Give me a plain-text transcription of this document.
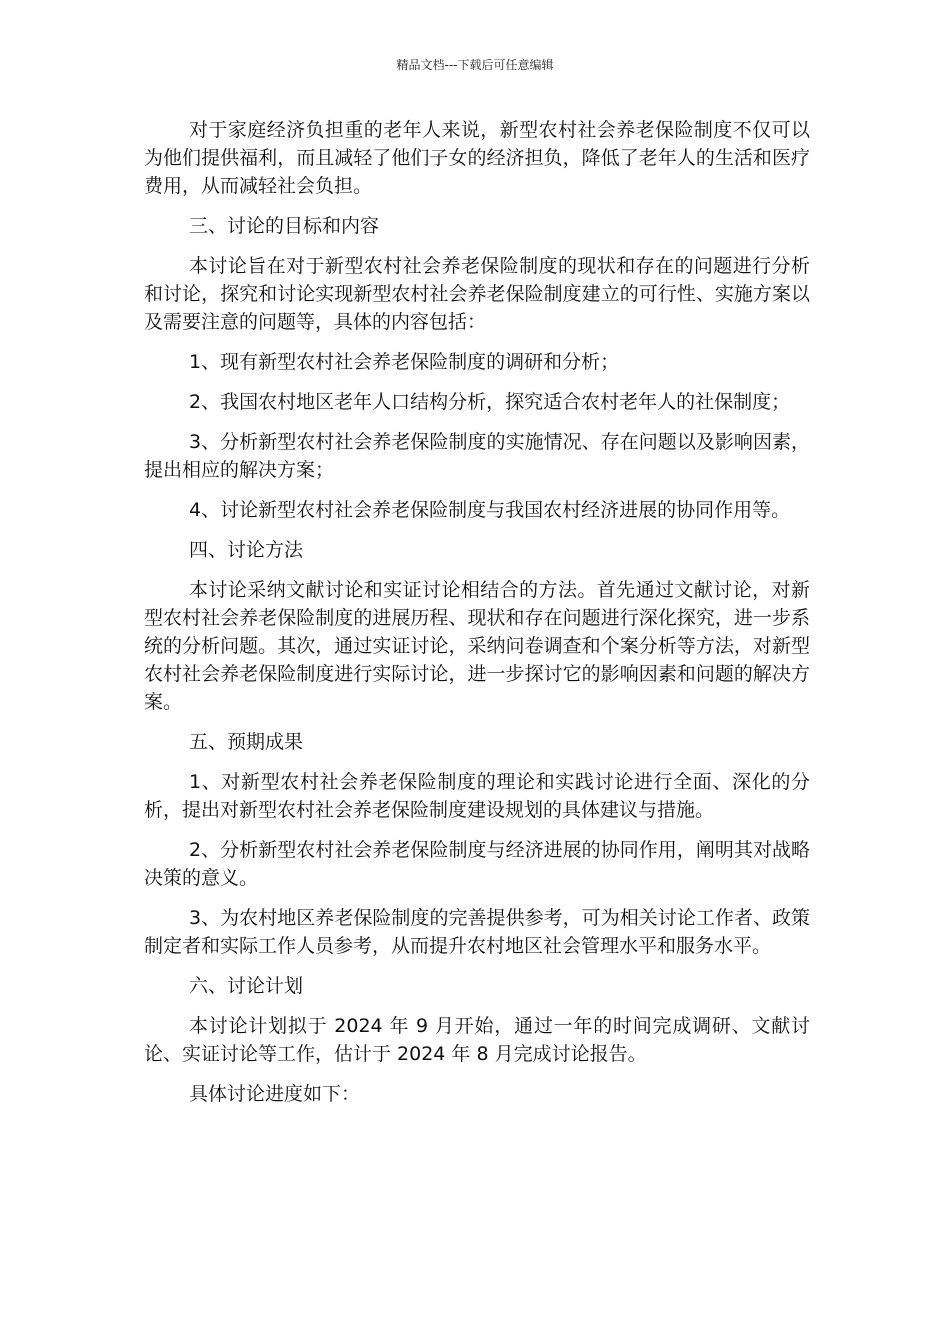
精品文档---下载后可任意编辑

对于家庭经济负担重的老年人来说，新型农村社会养老保险制度不仅可以为他们提供福利，而且减轻了他们子女的经济担负，降低了老年人的生活和医疗费用，从而减轻社会负担。

三、讨论的目标和内容

本讨论旨在对于新型农村社会养老保险制度的现状和存在的问题进行分析和讨论，探究和讨论实现新型农村社会养老保险制度建立的可行性、实施方案以及需要注意的问题等，具体的内容包括：

1、现有新型农村社会养老保险制度的调研和分析；

2、我国农村地区老年人口结构分析，探究适合农村老年人的社保制度；

3、分析新型农村社会养老保险制度的实施情况、存在问题以及影响因素，提出相应的解决方案；

4、讨论新型农村社会养老保险制度与我国农村经济进展的协同作用等。

四、讨论方法

本讨论采纳文献讨论和实证讨论相结合的方法。首先通过文献讨论，对新型农村社会养老保险制度的进展历程、现状和存在问题进行深化探究，进一步系统的分析问题。其次，通过实证讨论，采纳问卷调查和个案分析等方法，对新型农村社会养老保险制度进行实际讨论，进一步探讨它的影响因素和问题的解决方案。

五、预期成果

1、对新型农村社会养老保险制度的理论和实践讨论进行全面、深化的分析，提出对新型农村社会养老保险制度建设规划的具体建议与措施。

2、分析新型农村社会养老保险制度与经济进展的协同作用，阐明其对战略决策的意义。

3、为农村地区养老保险制度的完善提供参考，可为相关讨论工作者、政策制定者和实际工作人员参考，从而提升农村地区社会管理水平和服务水平。

六、讨论计划

本讨论计划拟于 2024 年 9 月开始，通过一年的时间完成调研、文献讨论、实证讨论等工作，估计于 2024 年 8 月完成讨论报告。

具体讨论进度如下：
